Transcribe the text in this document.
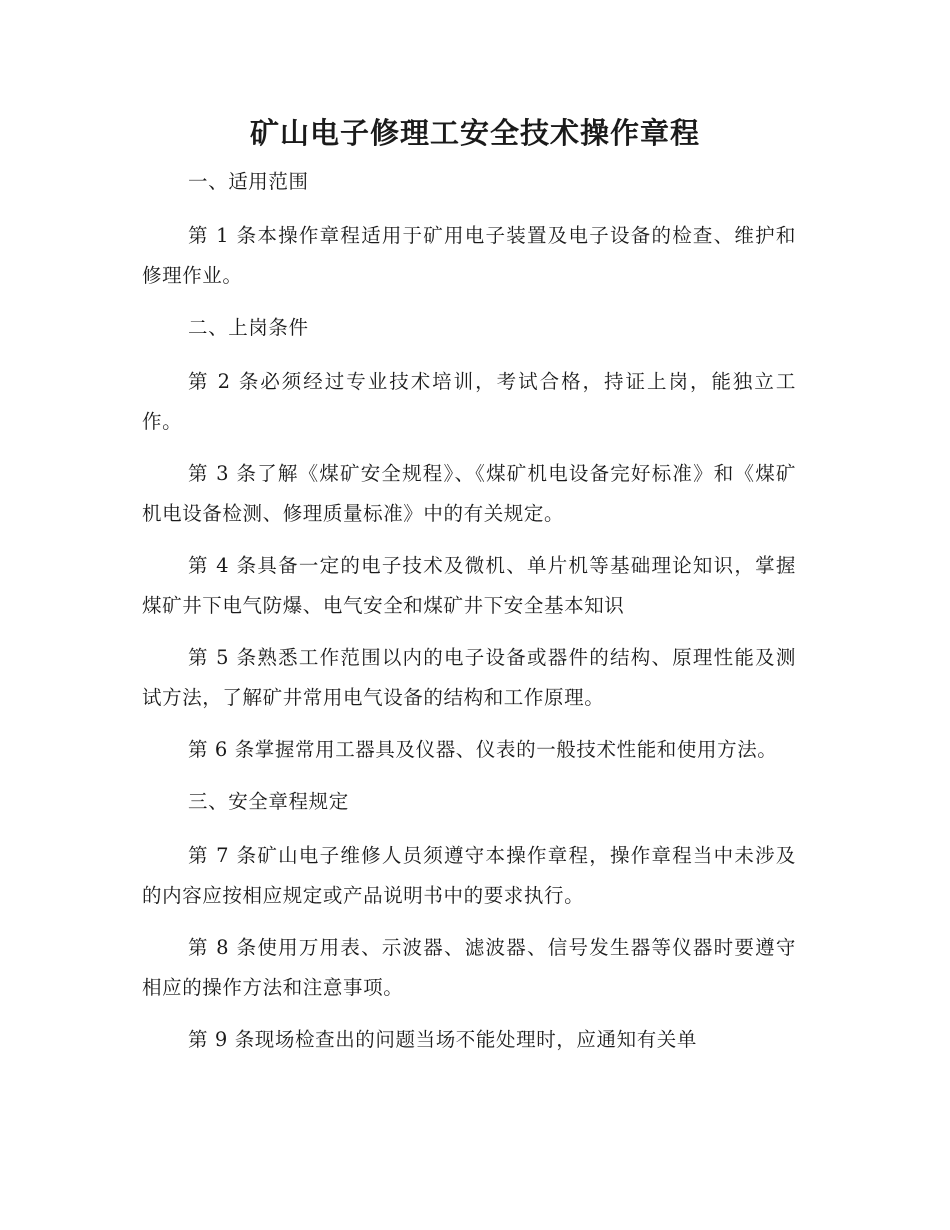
矿山电子修理工安全技术操作章程

一、适用范围

第 1 条本操作章程适用于矿用电子装置及电子设备的检查、维护和修理作业。

二、上岗条件

第 2 条必须经过专业技术培训，考试合格，持证上岗，能独立工作。

第 3 条了解《煤矿安全规程》、《煤矿机电设备完好标准》和《煤矿机电设备检测、修理质量标准》中的有关规定。

第 4 条具备一定的电子技术及微机、单片机等基础理论知识，掌握煤矿井下电气防爆、电气安全和煤矿井下安全基本知识

第 5 条熟悉工作范围以内的电子设备或器件的结构、原理性能及测试方法，了解矿井常用电气设备的结构和工作原理。

第 6 条掌握常用工器具及仪器、仪表的一般技术性能和使用方法。

三、安全章程规定

第 7 条矿山电子维修人员须遵守本操作章程，操作章程当中未涉及的内容应按相应规定或产品说明书中的要求执行。

第 8 条使用万用表、示波器、滤波器、信号发生器等仪器时要遵守相应的操作方法和注意事项。

第 9 条现场检查出的问题当场不能处理时，应通知有关单
